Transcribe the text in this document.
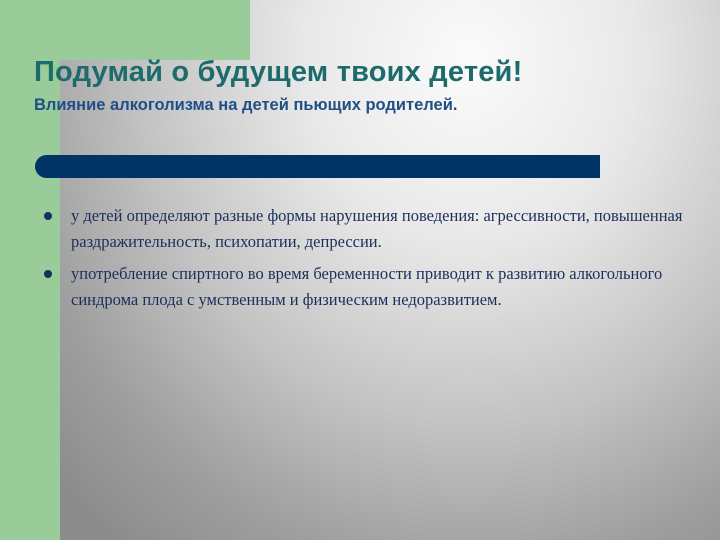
Подумай о будущем твоих детей!
Влияние алкоголизма на детей пьющих родителей.
у детей определяют разные формы нарушения поведения: агрессивности, повышенная раздражительность, психопатии, депрессии.
употребление спиртного во время беременности приводит к развитию алкогольного синдрома плода с умственным и физическим недоразвитием.
